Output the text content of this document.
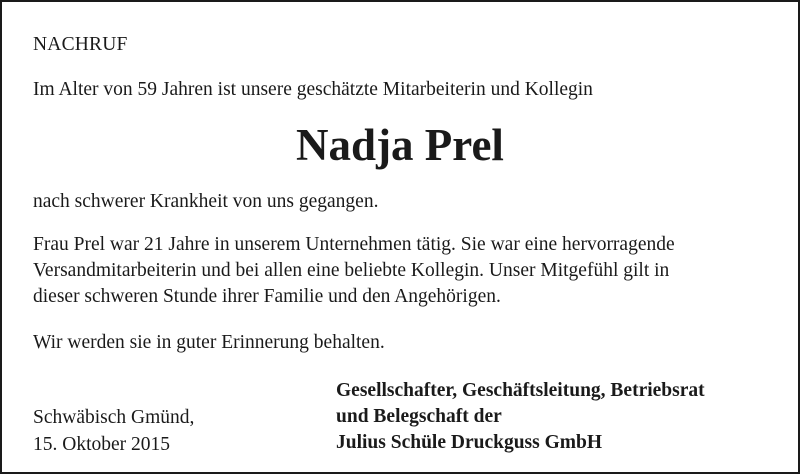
NACHRUF
Im Alter von 59 Jahren ist unsere geschätzte Mitarbeiterin und Kollegin
Nadja Prel
nach schwerer Krankheit von uns gegangen.
Frau Prel war 21 Jahre in unserem Unternehmen tätig. Sie war eine hervorragende
Versandmitarbeiterin und bei allen eine beliebte Kollegin. Unser Mitgefühl gilt in
dieser schweren Stunde ihrer Familie und den Angehörigen.
Wir werden sie in guter Erinnerung behalten.
Schwäbisch Gmünd,
15. Oktober 2015
Gesellschafter, Geschäftsleitung, Betriebsrat
und Belegschaft der
Julius Schüle Druckguss GmbH
